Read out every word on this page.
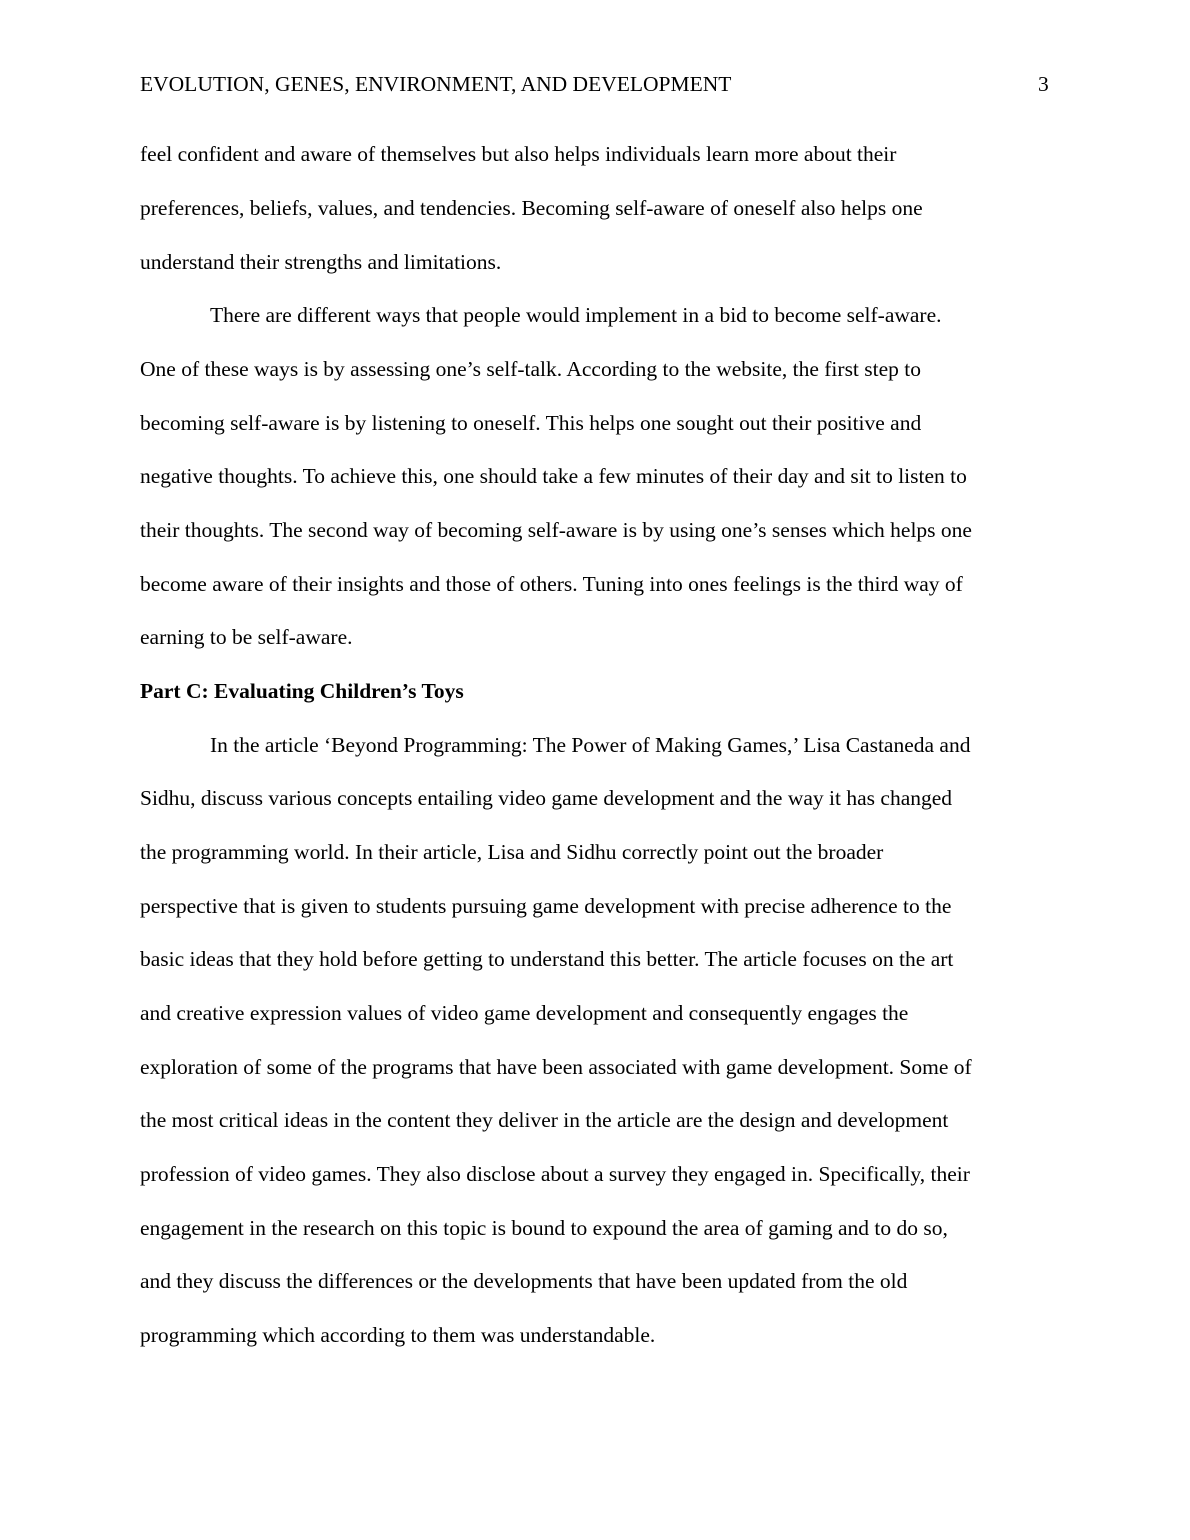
EVOLUTION, GENES, ENVIRONMENT, AND DEVELOPMENT	3
feel confident and aware of themselves but also helps individuals learn more about their
preferences, beliefs, values, and tendencies. Becoming self-aware of oneself also helps one
understand their strengths and limitations.
There are different ways that people would implement in a bid to become self-aware.
One of these ways is by assessing one’s self-talk. According to the website, the first step to
becoming self-aware is by listening to oneself. This helps one sought out their positive and
negative thoughts. To achieve this, one should take a few minutes of their day and sit to listen to
their thoughts. The second way of becoming self-aware is by using one’s senses which helps one
become aware of their insights and those of others. Tuning into ones feelings is the third way of
earning to be self-aware.
Part C: Evaluating Children’s Toys
In the article ‘Beyond Programming: The Power of Making Games,’ Lisa Castaneda and
Sidhu, discuss various concepts entailing video game development and the way it has changed
the programming world. In their article, Lisa and Sidhu correctly point out the broader
perspective that is given to students pursuing game development with precise adherence to the
basic ideas that they hold before getting to understand this better. The article focuses on the art
and creative expression values of video game development and consequently engages the
exploration of some of the programs that have been associated with game development. Some of
the most critical ideas in the content they deliver in the article are the design and development
profession of video games. They also disclose about a survey they engaged in. Specifically, their
engagement in the research on this topic is bound to expound the area of gaming and to do so,
and they discuss the differences or the developments that have been updated from the old
programming which according to them was understandable.
